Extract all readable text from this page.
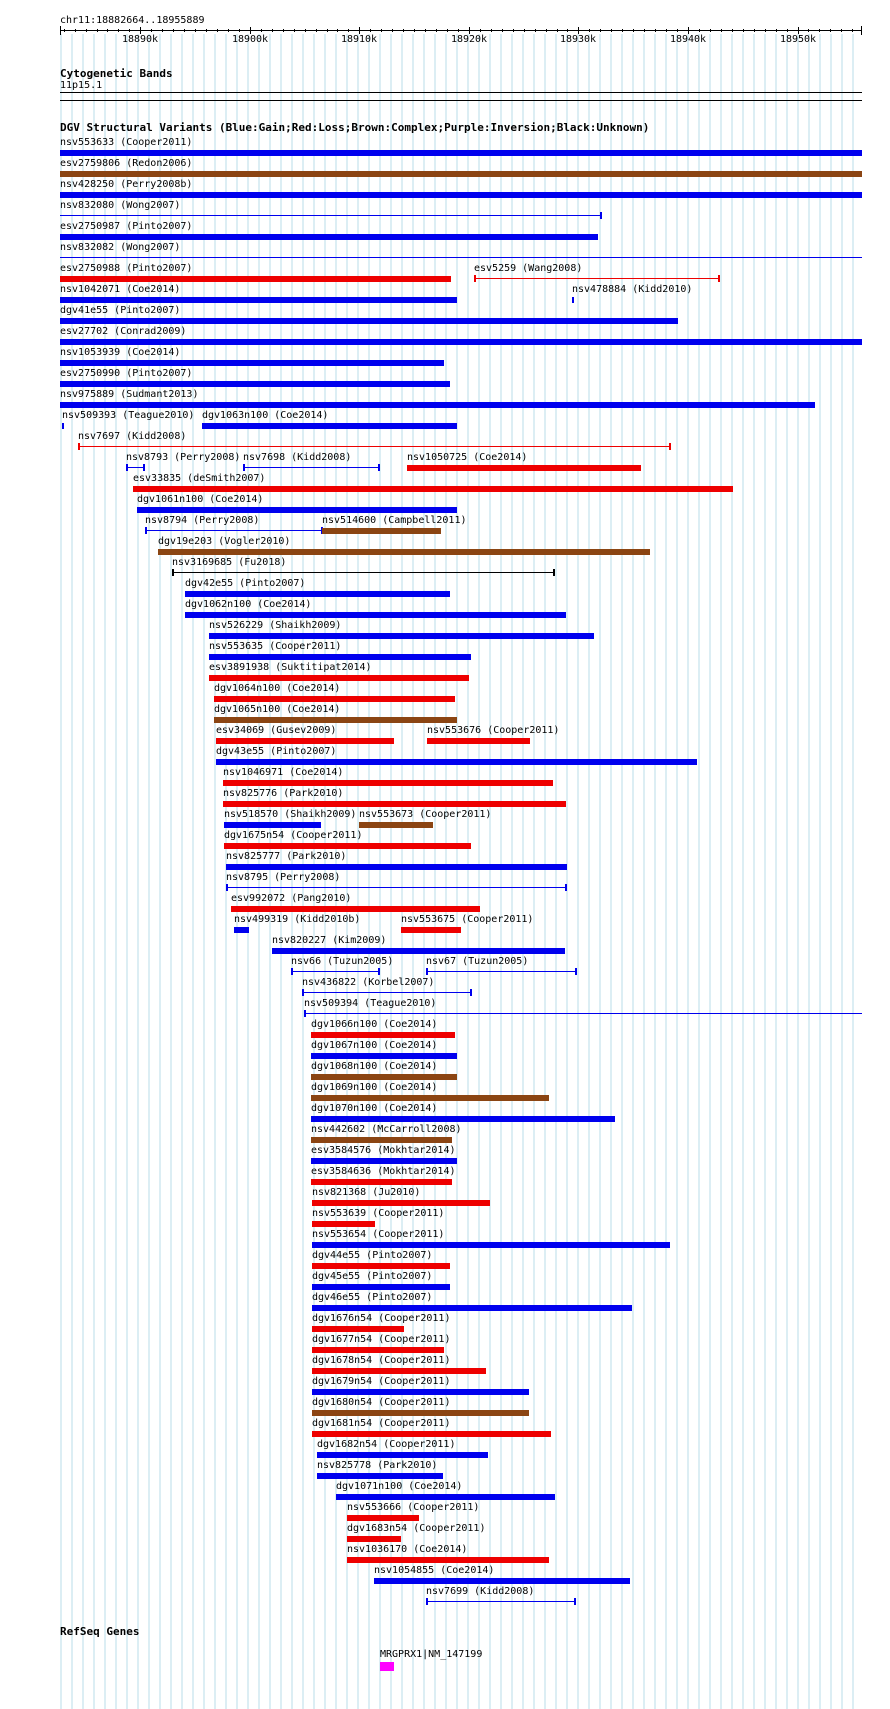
chr11:18882664..18955889
18890k	18900k	18910k	18920k	18930k	18940k	18950k
Cytogenetic Bands
11p15.1
DGV Structural Variants (Blue:Gain;Red:Loss;Brown:Complex;Purple:Inversion;Black:Unknown)
nsv553633 (Cooper2011)
esv2759806 (Redon2006)
nsv428250 (Perry2008b)
nsv832080 (Wong2007)
esv2750987 (Pinto2007)
nsv832082 (Wong2007)
esv2750988 (Pinto2007)	esv5259 (Wang2008)
nsv1042071 (Coe2014)	nsv478884 (Kidd2010)
dgv41e55 (Pinto2007)
esv27702 (Conrad2009)
nsv1053939 (Coe2014)
esv2750990 (Pinto2007)
nsv975889 (Sudmant2013)
nsv509393 (Teague2010) dgv1063n100 (Coe2014)
nsv7697 (Kidd2008)
nsv8793 (Perry2008) nsv7698 (Kidd2008)	nsv1050725 (Coe2014)
esv33835 (deSmith2007)
dgv1061n100 (Coe2014)
nsv8794 (Perry2008)	nsv514600 (Campbell2011)
dgv19e203 (Vogler2010)
nsv3169685 (Fu2018)
dgv42e55 (Pinto2007)
dgv1062n100 (Coe2014)
nsv526229 (Shaikh2009)
nsv553635 (Cooper2011)
esv3891938 (Suktitipat2014)
dgv1064n100 (Coe2014)
dgv1065n100 (Coe2014)
esv34069 (Gusev2009)	nsv553676 (Cooper2011)
dgv43e55 (Pinto2007)
nsv1046971 (Coe2014)
nsv825776 (Park2010)
nsv518570 (Shaikh2009) nsv553673 (Cooper2011)
dgv1675n54 (Cooper2011)
nsv825777 (Park2010)
nsv8795 (Perry2008)
esv992072 (Pang2010)
nsv499319 (Kidd2010b)	nsv553675 (Cooper2011)
nsv820227 (Kim2009)
nsv66 (Tuzun2005)	nsv67 (Tuzun2005)
nsv436822 (Korbel2007)
nsv509394 (Teague2010)
dgv1066n100 (Coe2014)
dgv1067n100 (Coe2014)
dgv1068n100 (Coe2014)
dgv1069n100 (Coe2014)
dgv1070n100 (Coe2014)
nsv442602 (McCarroll2008)
esv3584576 (Mokhtar2014)
esv3584636 (Mokhtar2014)
nsv821368 (Ju2010)
nsv553639 (Cooper2011)
nsv553654 (Cooper2011)
dgv44e55 (Pinto2007)
dgv45e55 (Pinto2007)
dgv46e55 (Pinto2007)
dgv1676n54 (Cooper2011)
dgv1677n54 (Cooper2011)
dgv1678n54 (Cooper2011)
dgv1679n54 (Cooper2011)
dgv1680n54 (Cooper2011)
dgv1681n54 (Cooper2011)
dgv1682n54 (Cooper2011)
nsv825778 (Park2010)
dgv1071n100 (Coe2014)
nsv553666 (Cooper2011)
dgv1683n54 (Cooper2011)
nsv1036170 (Coe2014)
nsv1054855 (Coe2014)
nsv7699 (Kidd2008)
RefSeq Genes
MRGPRX1|NM_147199
